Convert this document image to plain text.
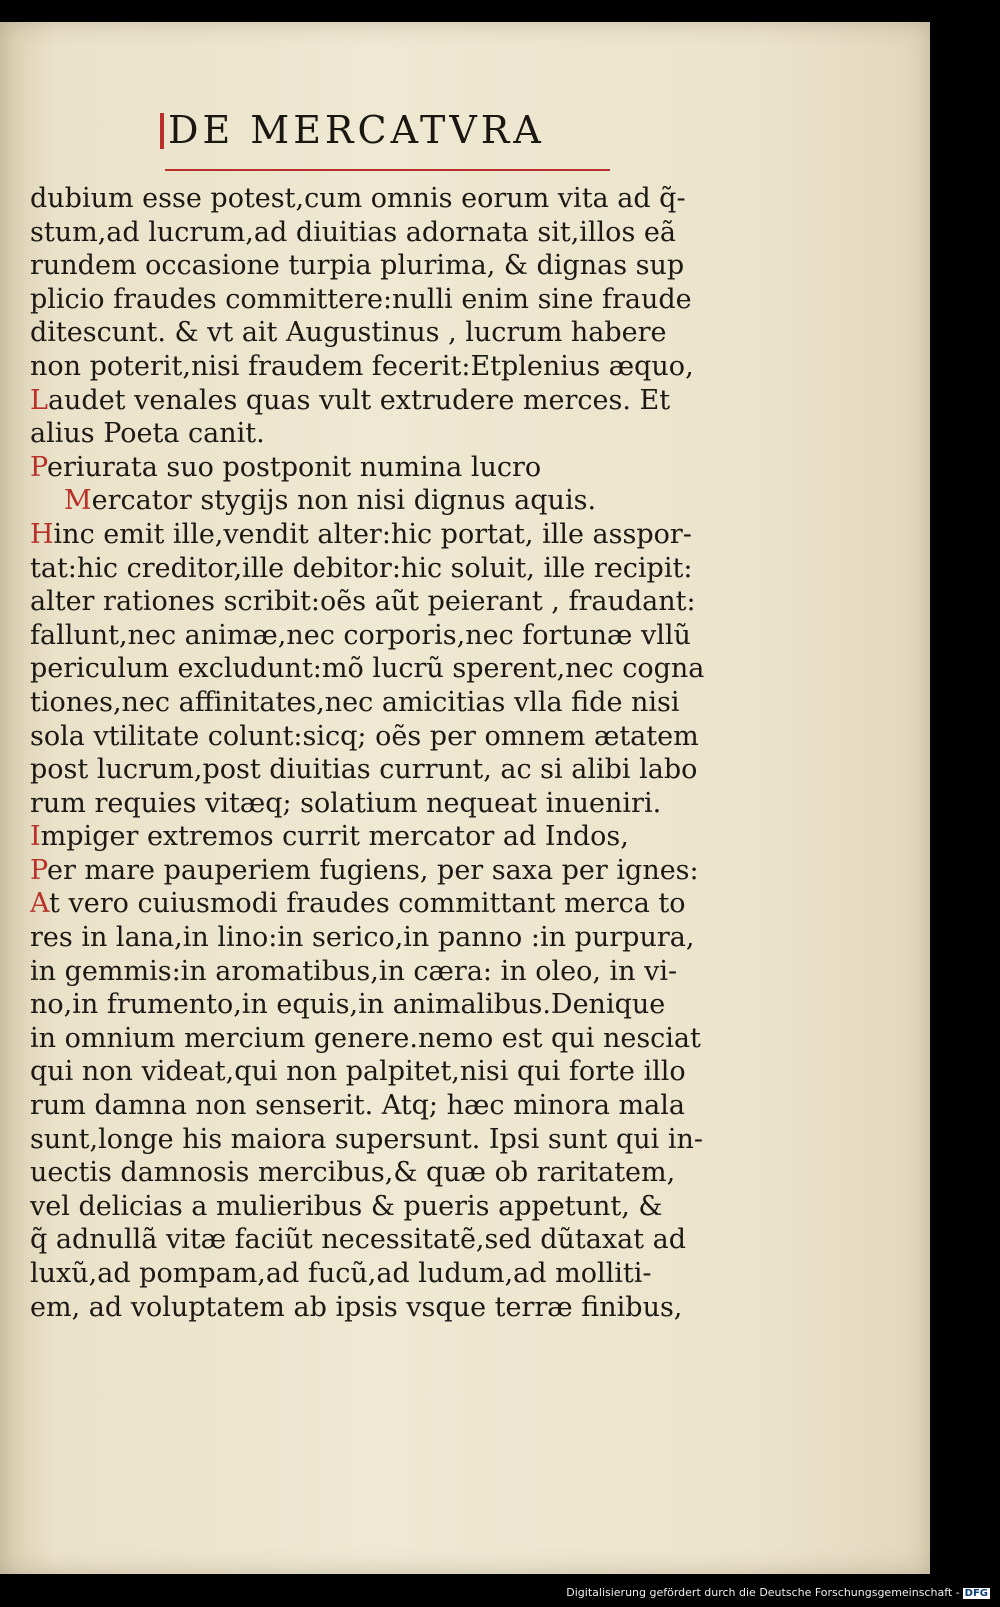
DE MERCATVRA
dubium esse potest,cum omnis eorum vita ad q̃-
stum,ad lucrum,ad diuitias adornata sit,illos eã
rundem occasione turpia plurima, & dignas sup
plicio fraudes committere:nulli enim sine fraude
ditescunt. & vt ait Augustinus , lucrum habere
non poterit,nisi fraudem fecerit:Etplenius æquo,
Laudet venales quas vult extrudere merces. Et
alius Poeta canit.
Periurata suo postponit numina lucro
Mercator stygijs non nisi dignus aquis.
Hinc emit ille,vendit alter:hic portat, ille asspor-
tat:hic creditor,ille debitor:hic soluit, ille recipit:
alter rationes scribit:oẽs aũt peierant , fraudant:
fallunt,nec animæ,nec corporis,nec fortunæ vllũ
periculum excludunt:mõ lucrũ sperent,nec cogna
tiones,nec affinitates,nec amicitias vlla fide nisi
sola vtilitate colunt:sicq; oẽs per omnem ætatem
post lucrum,post diuitias currunt, ac si alibi labo
rum requies vitæq; solatium nequeat inueniri.
Impiger extremos currit mercator ad Indos,
Per mare pauperiem fugiens, per saxa per ignes:
At vero cuiusmodi fraudes committant merca to
res in lana,in lino:in serico,in panno :in purpura,
in gemmis:in aromatibus,in cæra: in oleo, in vi-
no,in frumento,in equis,in animalibus.Denique
in omnium mercium genere.nemo est qui nesciat
qui non videat,qui non palpitet,nisi qui forte illo
rum damna non senserit. Atq; hæc minora mala
sunt,longe his maiora supersunt. Ipsi sunt qui in-
uectis damnosis mercibus,& quæ ob raritatem,
vel delicias a mulieribus & pueris appetunt, &
q̃ adnullã vitæ faciũt necessitatẽ,sed dũtaxat ad
luxũ,ad pompam,ad fucũ,ad ludum,ad molliti-
em, ad voluptatem ab ipsis vsque terræ finibus,
Digitalisierung gefördert durch die Deutsche Forschungsgemeinschaft - DFG
